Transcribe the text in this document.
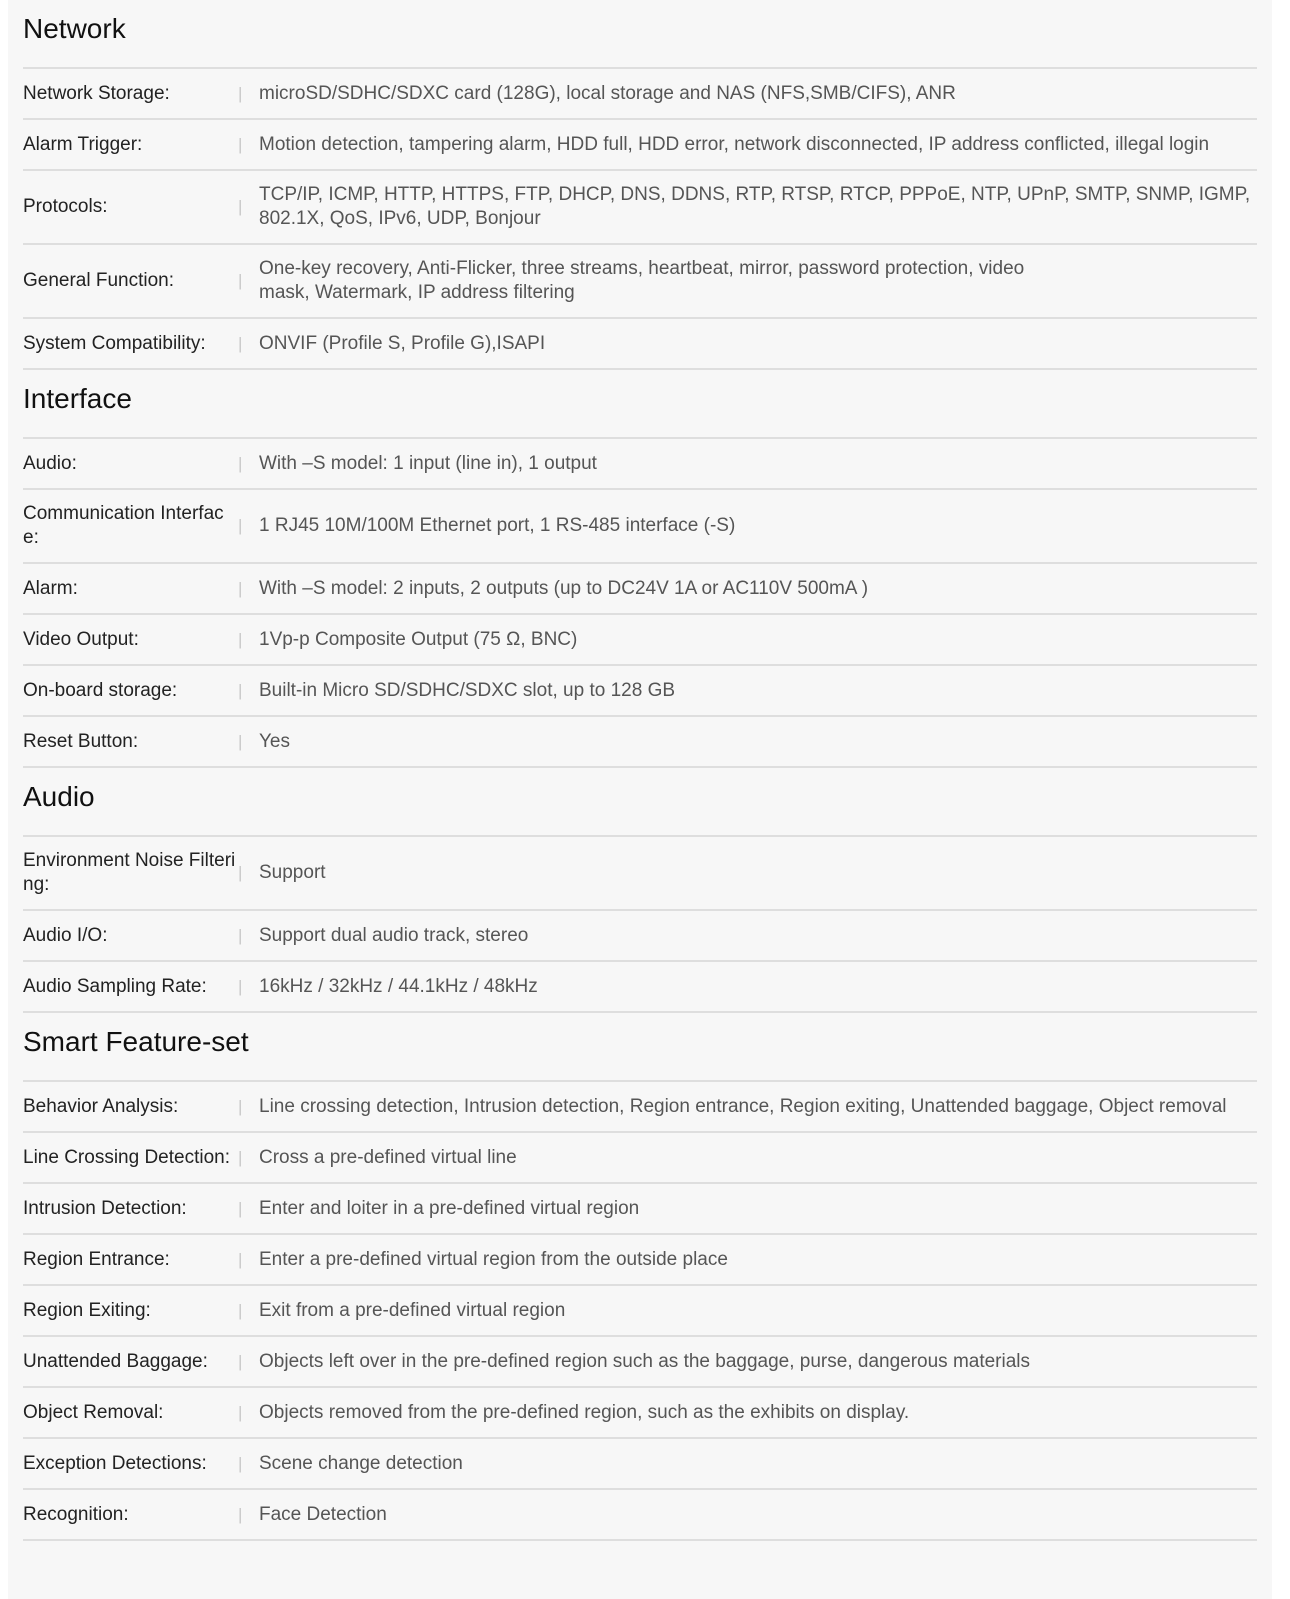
Network
Network Storage:	| microSD/SDHC/SDXC card (128G), local storage and NAS (NFS,SMB/CIFS), ANR
Alarm Trigger:	| Motion detection, tampering alarm, HDD full, HDD error, network disconnected, IP address conflicted, illegal login
Protocols:	|
TCP/IP, ICMP, HTTP, HTTPS, FTP, DHCP, DNS, DDNS, RTP, RTSP, RTCP, PPPoE, NTP, UPnP, SMTP, SNMP, IGMP, 802.1X, QoS, IPv6, UDP, Bonjour
General Function:	|
One-key recovery, Anti-Flicker, three streams, heartbeat, mirror, password protection, video mask, Watermark, IP address filtering
System Compatibility:	| ONVIF (Profile S, Profile G),ISAPI
Interface
Audio:	| With –S model: 1 input (line in), 1 output
Communication Interface:
| 1 RJ45 10M/100M Ethernet port, 1 RS-485 interface (-S)
Alarm:	| With –S model: 2 inputs, 2 outputs (up to DC24V 1A or AC110V 500mA )
Video Output:	| 1Vp-p Composite Output (75 Ω, BNC)
On-board storage:	| Built-in Micro SD/SDHC/SDXC slot, up to 128 GB
Reset Button:	| Yes
Audio
Environment Noise Filtering:
| Support
Audio I/O:	| Support dual audio track, stereo
Audio Sampling Rate:	| 16kHz / 32kHz / 44.1kHz / 48kHz
Smart Feature-set
Behavior Analysis:	| Line crossing detection, Intrusion detection, Region entrance, Region exiting, Unattended baggage, Object removal
Line Crossing Detection: | Cross a pre-defined virtual line
Intrusion Detection:	| Enter and loiter in a pre-defined virtual region
Region Entrance:	| Enter a pre-defined virtual region from the outside place
Region Exiting:	| Exit from a pre-defined virtual region
Unattended Baggage:	| Objects left over in the pre-defined region such as the baggage, purse, dangerous materials
Object Removal:	| Objects removed from the pre-defined region, such as the exhibits on display.
Exception Detections:	| Scene change detection
Recognition:	| Face Detection
